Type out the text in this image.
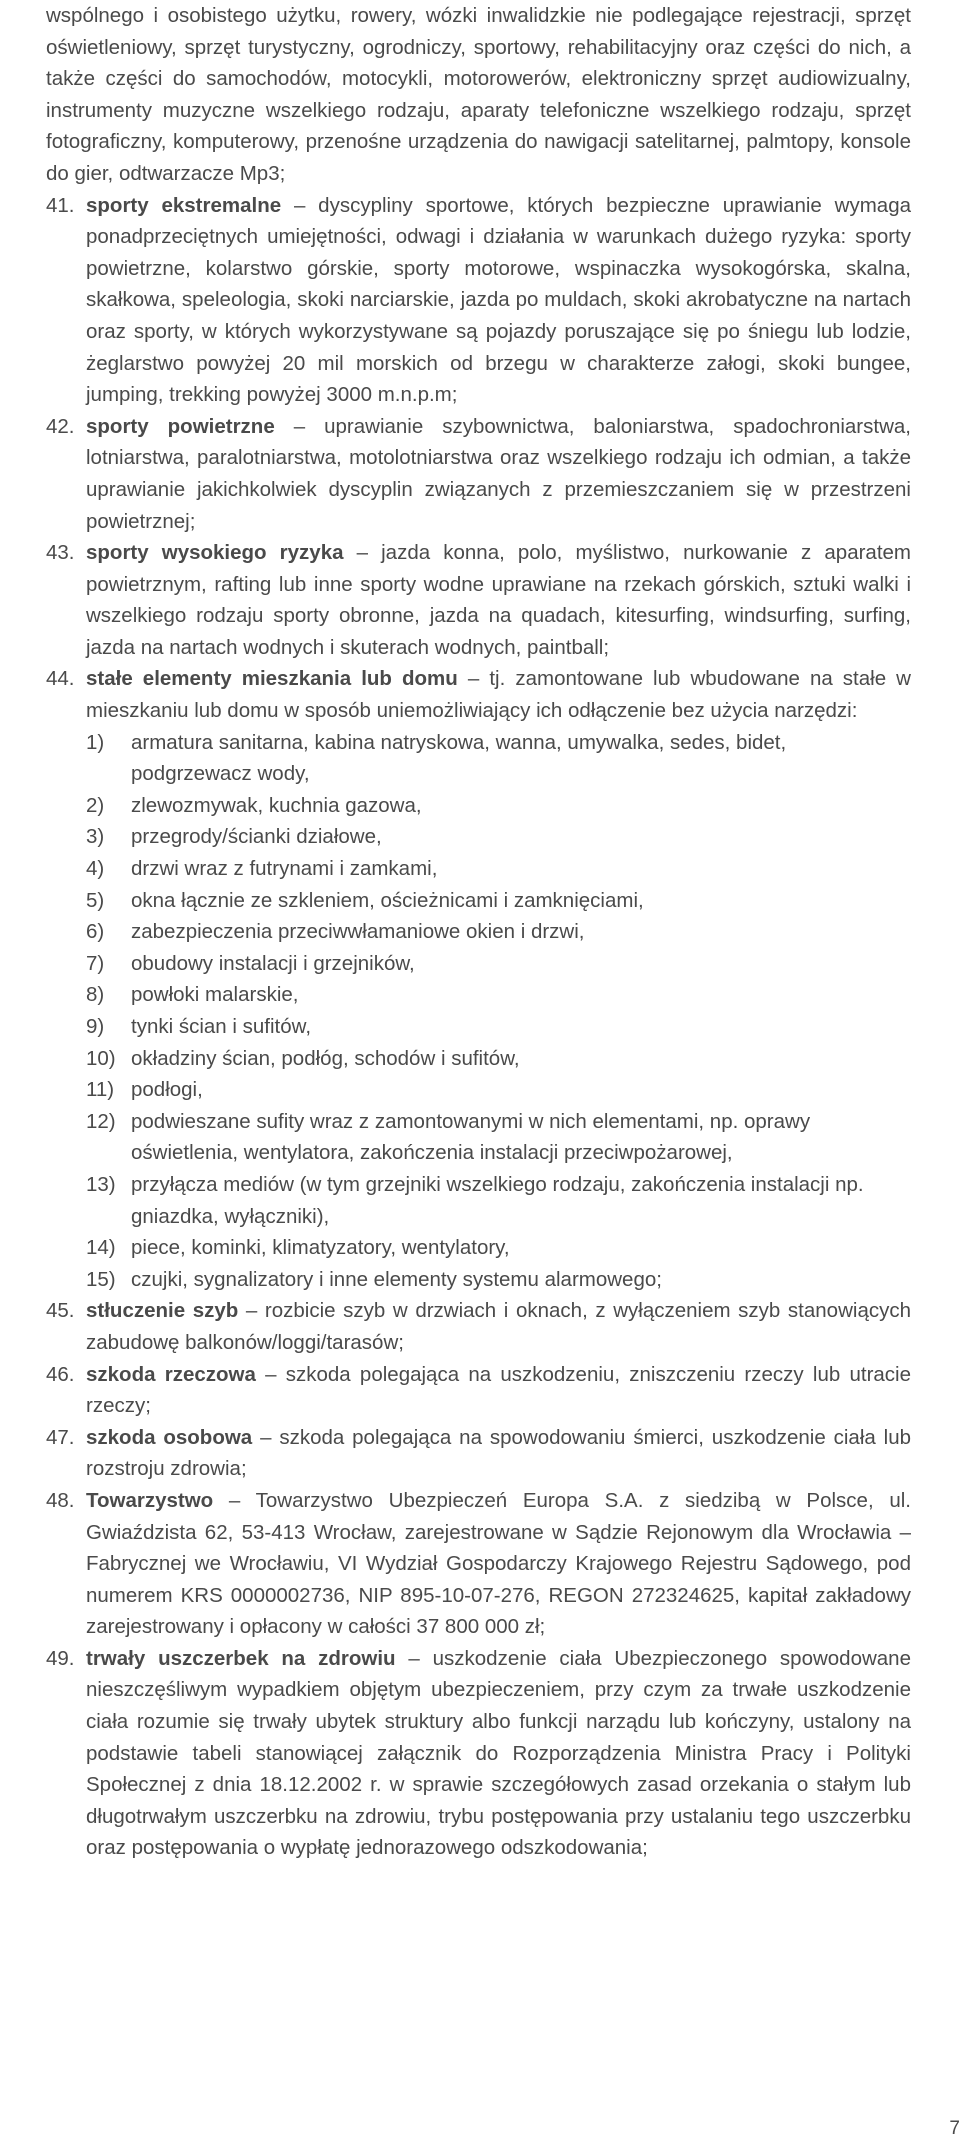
wspólnego i osobistego użytku, rowery, wózki inwalidzkie nie podlegające rejestracji, sprzęt oświetleniowy, sprzęt turystyczny, ogrodniczy, sportowy, rehabilitacyjny oraz części do nich, a także części do samochodów, motocykli, motorowerów, elektroniczny sprzęt audiowizualny, instrumenty muzyczne wszelkiego rodzaju, aparaty telefoniczne wszelkiego rodzaju, sprzęt fotograficzny, komputerowy, przenośne urządzenia do nawigacji satelitarnej, palmtopy, konsole do gier, odtwarzacze Mp3;

41. sporty ekstremalne – dyscypliny sportowe, których bezpieczne uprawianie wymaga ponadprzeciętnych umiejętności, odwagi i działania w warunkach dużego ryzyka: sporty powietrzne, kolarstwo górskie, sporty motorowe, wspinaczka wysokogórska, skalna, skałkowa, speleologia, skoki narciarskie, jazda po muldach, skoki akrobatyczne na nartach oraz sporty, w których wykorzystywane są pojazdy poruszające się po śniegu lub lodzie, żeglarstwo powyżej 20 mil morskich od brzegu w charakterze załogi, skoki bungee, jumping, trekking powyżej 3000 m.n.p.m;
42. sporty powietrzne – uprawianie szybownictwa, baloniarstwa, spadochroniarstwa, lotniarstwa, paralotniarstwa, motolotniarstwa oraz wszelkiego rodzaju ich odmian, a także uprawianie jakichkolwiek dyscyplin związanych z przemieszczaniem się w przestrzeni powietrznej;
43. sporty wysokiego ryzyka – jazda konna, polo, myślistwo, nurkowanie z aparatem powietrznym, rafting lub inne sporty wodne uprawiane na rzekach górskich, sztuki walki i wszelkiego rodzaju sporty obronne, jazda na quadach, kitesurfing, windsurfing, surfing, jazda na nartach wodnych i skuterach wodnych, paintball;
44. stałe elementy mieszkania lub domu – tj. zamontowane lub wbudowane na stałe w mieszkaniu lub domu w sposób uniemożliwiający ich odłączenie bez użycia narzędzi:
1)	armatura sanitarna, kabina natryskowa, wanna, umywalka, sedes, bidet, podgrzewacz wody,
2)	zlewozmywak, kuchnia gazowa,
3)	przegrody/ścianki działowe,
4)	drzwi wraz z futrynami i zamkami,
5)	okna łącznie ze szkleniem, ościeżnicami i zamknięciami,
6)	zabezpieczenia przeciwwłamaniowe okien i drzwi,
7)	obudowy instalacji i grzejników,
8)	powłoki malarskie,
9)	tynki ścian i sufitów,
10) okładziny ścian, podłóg, schodów i sufitów,
11) podłogi,
12) podwieszane sufity wraz z zamontowanymi w nich elementami, np. oprawy oświetlenia, wentylatora, zakończenia instalacji przeciwpożarowej,
13) przyłącza mediów (w tym grzejniki wszelkiego rodzaju, zakończenia instalacji np. gniazdka, wyłączniki),
14) piece, kominki, klimatyzatory, wentylatory,
15) czujki, sygnalizatory i inne elementy systemu alarmowego;
45. stłuczenie szyb – rozbicie szyb w drzwiach i oknach, z wyłączeniem szyb stanowiących zabudowę balkonów/loggi/tarasów;
46. szkoda rzeczowa – szkoda polegająca na uszkodzeniu, zniszczeniu rzeczy lub utracie rzeczy;
47. szkoda osobowa – szkoda polegająca na spowodowaniu śmierci, uszkodzenie ciała lub rozstroju zdrowia;
48. Towarzystwo – Towarzystwo Ubezpieczeń Europa S.A. z siedzibą w Polsce, ul. Gwiaździsta 62, 53-413 Wrocław, zarejestrowane w Sądzie Rejonowym dla Wrocławia – Fabrycznej we Wrocławiu, VI Wydział Gospodarczy Krajowego Rejestru Sądowego, pod numerem KRS 0000002736, NIP 895-10-07-276, REGON 272324625, kapitał zakładowy zarejestrowany i opłacony w całości 37 800 000 zł;
49. trwały uszczerbek na zdrowiu – uszkodzenie ciała Ubezpieczonego spowodowane nieszczęśliwym wypadkiem objętym ubezpieczeniem, przy czym za trwałe uszkodzenie ciała rozumie się trwały ubytek struktury albo funkcji narządu lub kończyny, ustalony na podstawie tabeli stanowiącej załącznik do Rozporządzenia Ministra Pracy i Polityki Społecznej z dnia 18.12.2002 r. w sprawie szczegółowych zasad orzekania o stałym lub długotrwałym uszczerbku na zdrowiu, trybu postępowania przy ustalaniu tego uszczerbku oraz postępowania o wypłatę jednorazowego odszkodowania;
7
